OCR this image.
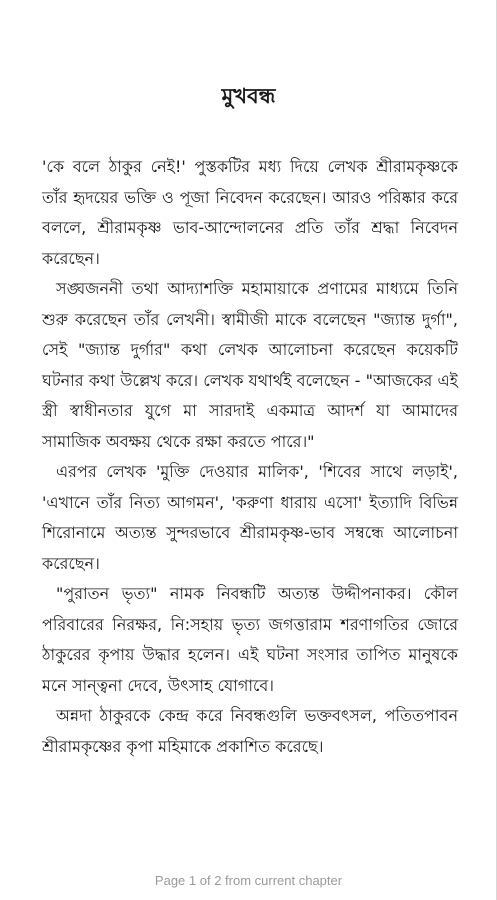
মুখবন্ধ

'কে বলে ঠাকুর নেই!' পুস্তকটির মধ্য দিয়ে লেখক শ্রীরামকৃষ্ণকে তাঁর হৃদয়ের ভক্তি ও পূজা নিবেদন করেছেন। আরও পরিষ্কার করে বললে, শ্রীরামকৃষ্ণ ভাব-আন্দোলনের প্রতি তাঁর শ্রদ্ধা নিবেদন করেছেন।

সঙ্ঘজননী তথা আদ্যাশক্তি মহামায়াকে প্রণামের মাধ্যমে তিনি শুরু করেছেন তাঁর লেখনী। স্বামীজী মাকে বলেছেন "জ্যান্ত দুর্গা", সেই "জ্যান্ত দুর্গার" কথা লেখক আলোচনা করেছেন কয়েকটি ঘটনার কথা উল্লেখ করে। লেখক যথার্থই বলেছেন - "আজকের এই স্ত্রী স্বাধীনতার যুগে মা সারদাই একমাত্র আদর্শ যা আমাদের সামাজিক অবক্ষয় থেকে রক্ষা করতে পারে।"

এরপর লেখক 'মুক্তি দেওয়ার মালিক', 'শিবের সাথে লড়াই', 'এখানে তাঁর নিত্য আগমন', 'করুণা ধারায় এসো' ইত্যাদি বিভিন্ন শিরোনামে অত্যন্ত সুন্দরভাবে শ্রীরামকৃষ্ণ-ভাব সম্বন্ধে আলোচনা করেছেন।

"পুরাতন ভৃত্য" নামক নিবন্ধটি অত্যন্ত উদ্দীপনাকর। কৌল পরিবারের নিরক্ষর, নি:সহায় ভৃত্য জগত্তারাম শরণাগতির জোরে ঠাকুরের কৃপায় উদ্ধার হলেন। এই ঘটনা সংসার তাপিত মানুষকে মনে সান্ত্বনা দেবে, উৎসাহ যোগাবে।

অন্নদা ঠাকুরকে কেন্দ্র করে নিবন্ধগুলি ভক্তবৎসল, পতিতপাবন শ্রীরামকৃষ্ণের কৃপা মহিমাকে প্রকাশিত করেছে।

Page 1 of 2 from current chapter
